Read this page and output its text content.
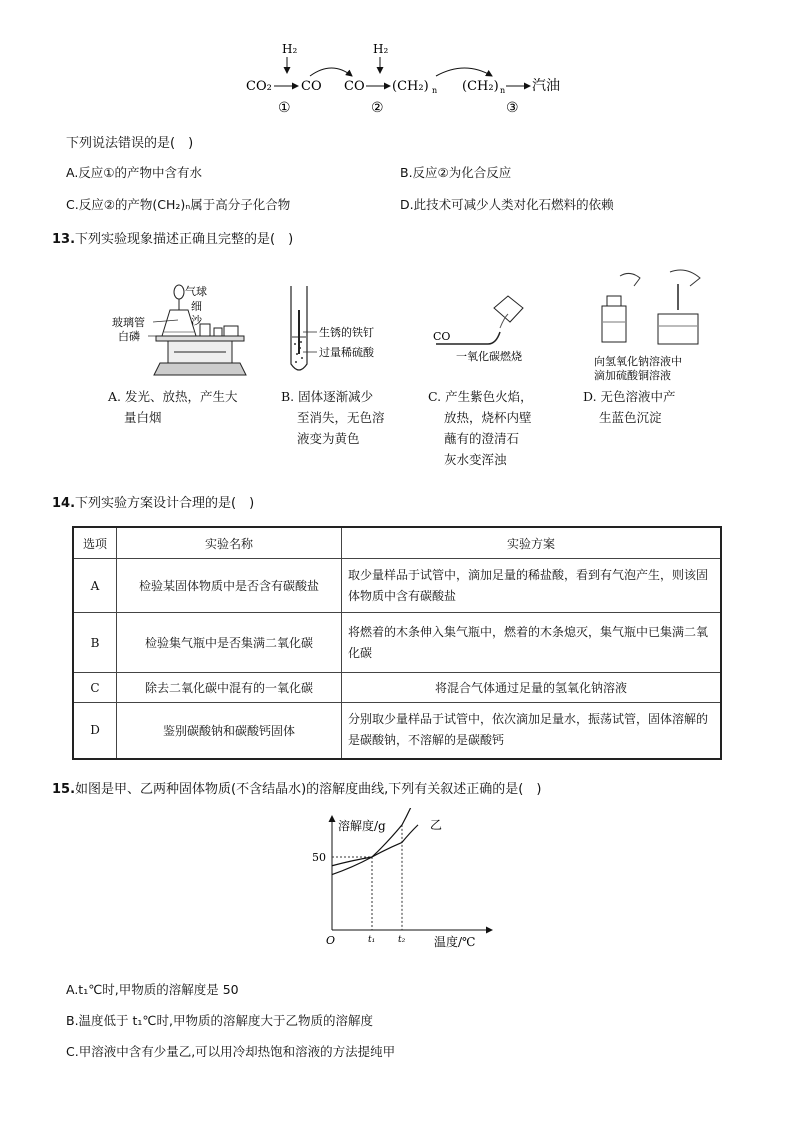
H₂
CO₂ CO CO
H₂
(CH₂) n (CH₂) n 汽油
①	②	③
下列说法错误的是(　)
A.反应①的产物中含有水	B.反应②为化合反应
C.反应②的产物(CH₂)ₙ属于高分子化合物	D.此技术可减少人类对化石燃料的依赖
13.下列实验现象描述正确且完整的是(　)
气球
细
沙
玻璃管
白磷
A. 发光、放热，产生大
量白烟
生锈的铁钉
过量稀硫酸
B. 固体逐渐减少
至消失，无色溶
液变为黄色
CO
一氧化碳燃烧
C. 产生紫色火焰，
放热，烧杯内壁
蘸有的澄清石
灰水变浑浊
向氢氧化钠溶液中
滴加硫酸铜溶液
D. 无色溶液中产
生蓝色沉淀
14.下列实验方案设计合理的是(　)
选项	实验名称	实验方案
A	检验某固体物质中是否含有碳酸盐	取少量样品于试管中，滴加足量的稀盐酸，看到有气泡产生，则该固体物质中含有碳酸盐
B	检验集气瓶中是否集满二氧化碳	将燃着的木条伸入集气瓶中，燃着的木条熄灭，集气瓶中已集满二氧化碳
C	除去二氧化碳中混有的一氧化碳	将混合气体通过足量的氢氧化钠溶液
D	鉴别碳酸钠和碳酸钙固体	分别取少量样品于试管中，依次滴加足量水，振荡试管，固体溶解的是碳酸钠，不溶解的是碳酸钙
15.如图是甲、乙两种固体物质(不含结晶水)的溶解度曲线,下列有关叙述正确的是(　)
溶解度/g
温度/℃
O
乙
50
t₁	t₂
A.t₁℃时,甲物质的溶解度是 50
B.温度低于 t₁℃时,甲物质的溶解度大于乙物质的溶解度
C.甲溶液中含有少量乙,可以用冷却热饱和溶液的方法提纯甲
